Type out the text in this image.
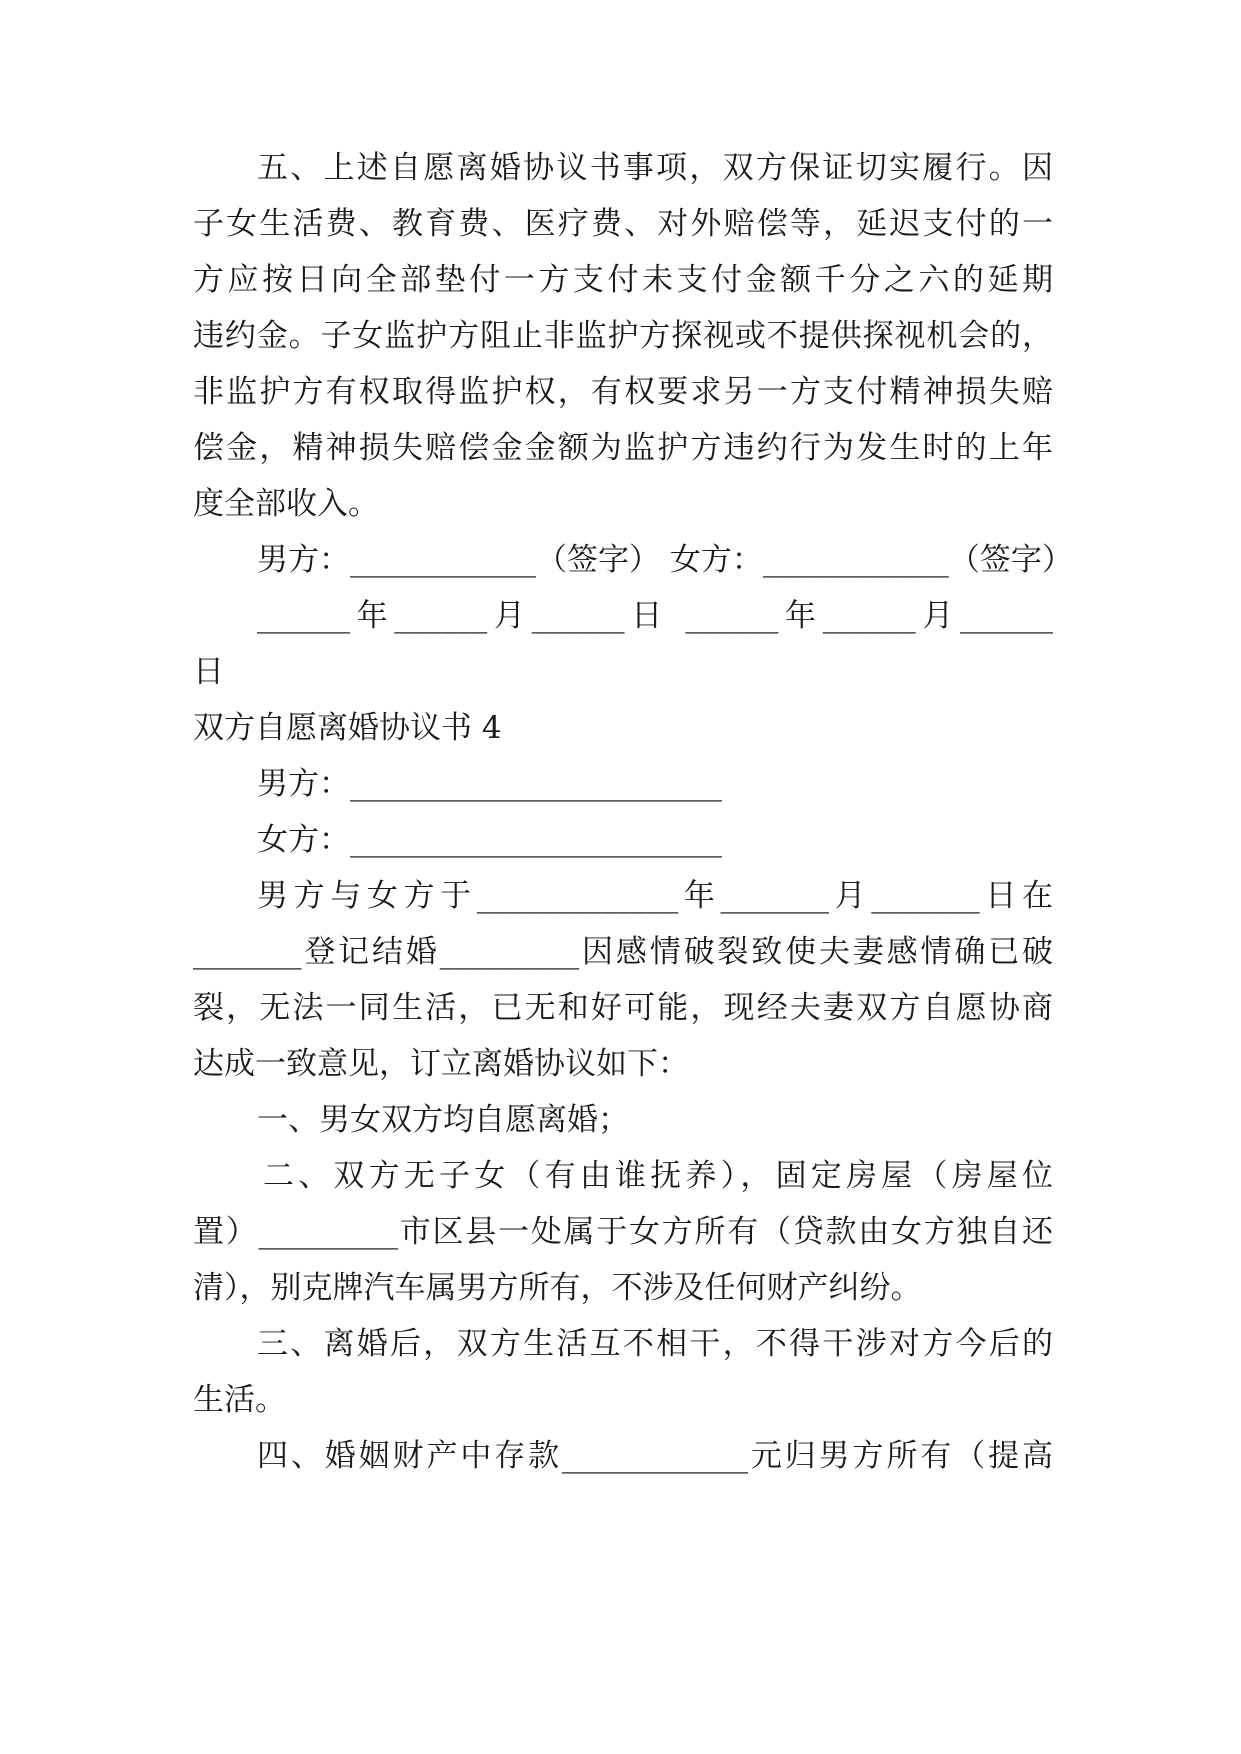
五、上述自愿离婚协议书事项，双方保证切实履行。因
子女生活费、教育费、医疗费、对外赔偿等，延迟支付的一
方应按日向全部垫付一方支付未支付金额千分之六的延期
违约金。子女监护方阻止非监护方探视或不提供探视机会的，
非监护方有权取得监护权，有权要求另一方支付精神损失赔
偿金，精神损失赔偿金金额为监护方违约行为发生时的上年
度全部收入。
男方：____________（签字） 女方：____________（签字）
______年______月______日 ______年______月______
日
双方自愿离婚协议书 4
男方：________________________
女方：________________________
男方与女方于_____________年_______月_______日在
_______登记结婚_________因感情破裂致使夫妻感情确已破
裂，无法一同生活，已无和好可能，现经夫妻双方自愿协商
达成一致意见，订立离婚协议如下：
一、男女双方均自愿离婚；
二、双方无子女（有由谁抚养），固定房屋（房屋位
置）_________市区县一处属于女方所有（贷款由女方独自还
清），别克牌汽车属男方所有，不涉及任何财产纠纷。
三、离婚后，双方生活互不相干，不得干涉对方今后的
生活。
四、婚姻财产中存款____________元归男方所有（提高
